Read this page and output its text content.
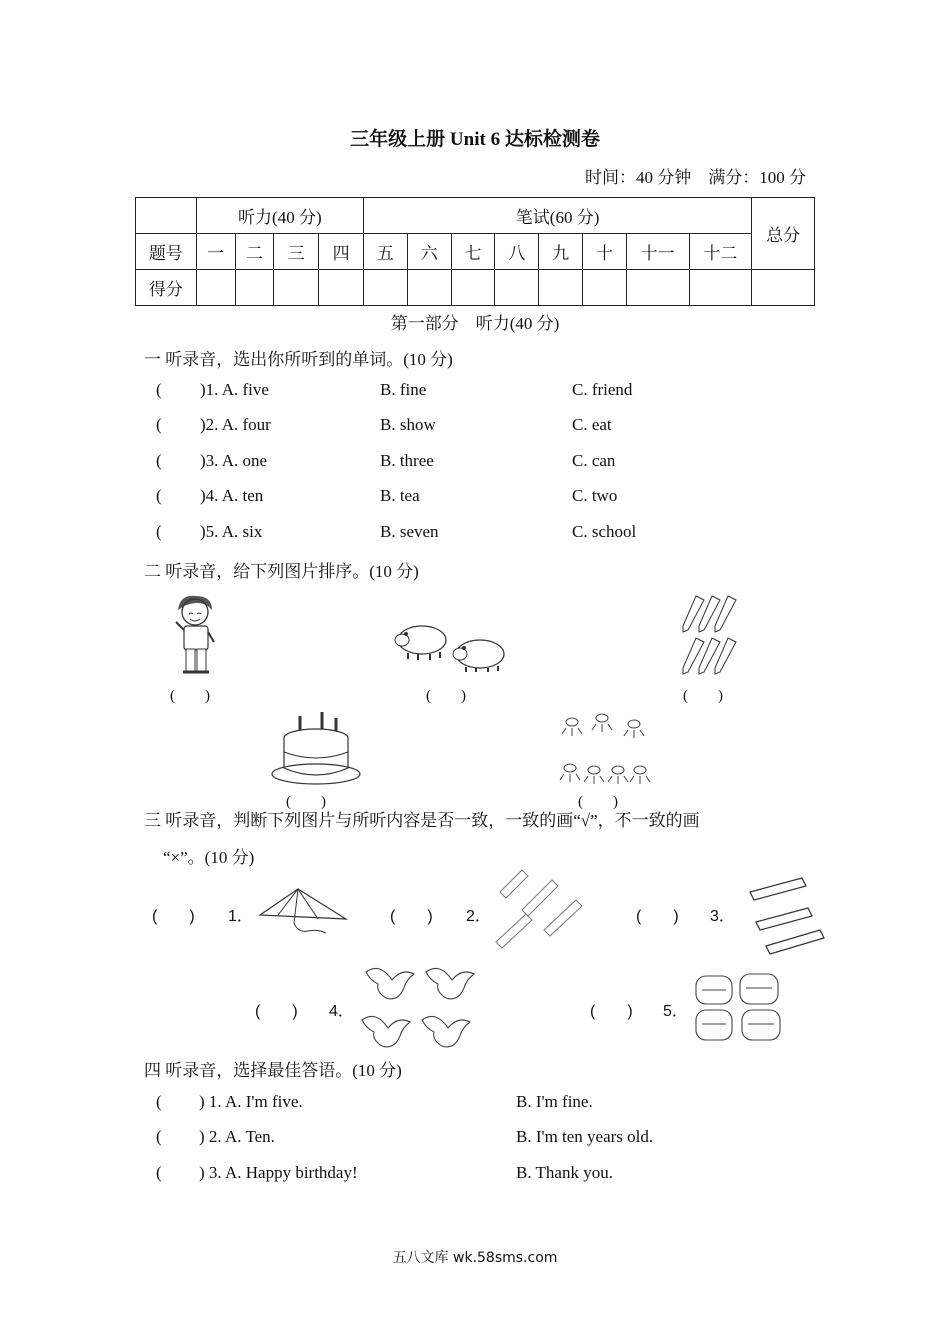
三年级上册 Unit 6 达标检测卷
时间：40 分钟　满分：100 分
	听力(40 分)				笔试(60 分)								总分
题号	一	二	三	四	五	六	七	八	九	十	十一	十二	
得分													
第一部分　听力(40 分)
一 听录音，选出你所听到的单词。(10 分)
( )1. A. five	B. fine	C. friend
( )2. A. four	B. show	C. eat
( )3. A. one	B. three	C. can
( )4. A. ten	B. tea	C. two
( )5. A. six	B. seven	C. school
二 听录音，给下列图片排序。(10 分)
(　　)	(　　)	(　　)
(　　)	(　　)
三 听录音，判断下列图片与所听内容是否一致，一致的画“√”，不一致的画
“×”。(10 分)
(　　) 1．	(　　) 2．	(　　) 3．
(　　) 4．	(　　) 5．
四 听录音，选择最佳答语。(10 分)
( ) 1. A. I'm five.	B. I'm fine.
( ) 2. A. Ten.	B. I'm ten years old.
( ) 3. A. Happy birthday!	B. Thank you.
五八文库 wk.58sms.com
